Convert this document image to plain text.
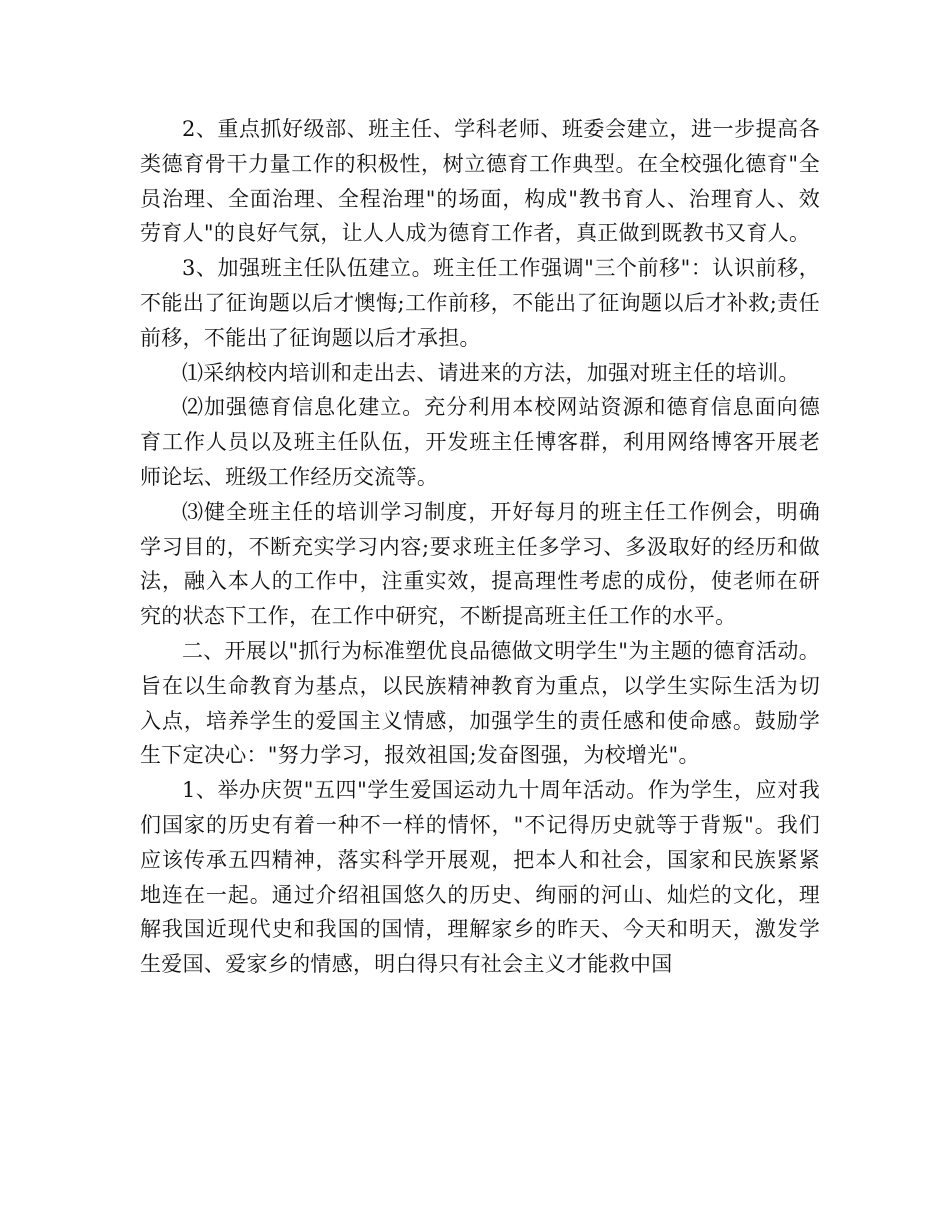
2、重点抓好级部、班主任、学科老师、班委会建立，进一步提高各类德育骨干力量工作的积极性，树立德育工作典型。在全校强化德育"全员治理、全面治理、全程治理"的场面，构成"教书育人、治理育人、效劳育人"的良好气氛，让人人成为德育工作者，真正做到既教书又育人。

3、加强班主任队伍建立。班主任工作强调"三个前移"：认识前移，不能出了征询题以后才懊悔;工作前移，不能出了征询题以后才补救;责任前移，不能出了征询题以后才承担。

⑴采纳校内培训和走出去、请进来的方法，加强对班主任的培训。

⑵加强德育信息化建立。充分利用本校网站资源和德育信息面向德育工作人员以及班主任队伍，开发班主任博客群，利用网络博客开展老师论坛、班级工作经历交流等。

⑶健全班主任的培训学习制度，开好每月的班主任工作例会，明确学习目的，不断充实学习内容;要求班主任多学习、多汲取好的经历和做法，融入本人的工作中，注重实效，提高理性考虑的成份，使老师在研究的状态下工作，在工作中研究，不断提高班主任工作的水平。

二、开展以"抓行为标准塑优良品德做文明学生"为主题的德育活动。旨在以生命教育为基点，以民族精神教育为重点，以学生实际生活为切入点，培养学生的爱国主义情感，加强学生的责任感和使命感。鼓励学生下定决心："努力学习，报效祖国;发奋图强，为校增光"。

1、举办庆贺"五四"学生爱国运动九十周年活动。作为学生，应对我们国家的历史有着一种不一样的情怀，"不记得历史就等于背叛"。我们应该传承五四精神，落实科学开展观，把本人和社会，国家和民族紧紧地连在一起。通过介绍祖国悠久的历史、绚丽的河山、灿烂的文化，理解我国近现代史和我国的国情，理解家乡的昨天、今天和明天，激发学生爱国、爱家乡的情感，明白得只有社会主义才能救中国
